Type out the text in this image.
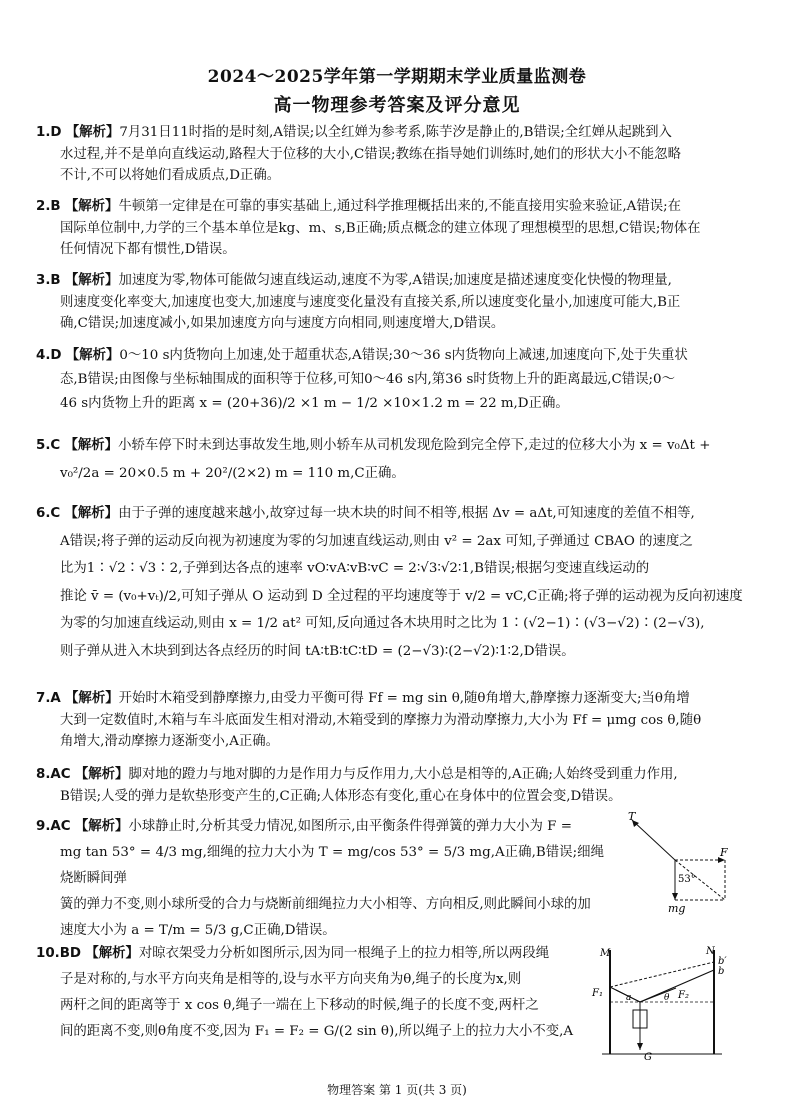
2024～2025学年第一学期期末学业质量监测卷
高一物理参考答案及评分意见

1.D 【解析】7月31日11时指的是时刻,A错误;以全红婵为参考系,陈芋汐是静止的,B错误;全红婵从起跳到入

水过程,并不是单向直线运动,路程大于位移的大小,C错误;教练在指导她们训练时,她们的形状大小不能忽略

不计,不可以将她们看成质点,D正确。

2.B 【解析】牛顿第一定律是在可靠的事实基础上,通过科学推理概括出来的,不能直接用实验来验证,A错误;在

国际单位制中,力学的三个基本单位是kg、m、s,B正确;质点概念的建立体现了理想模型的思想,C错误;物体在

任何情况下都有惯性,D错误。

3.B 【解析】加速度为零,物体可能做匀速直线运动,速度不为零,A错误;加速度是描述速度变化快慢的物理量,

则速度变化率变大,加速度也变大,加速度与速度变化量没有直接关系,所以速度变化量小,加速度可能大,B正

确,C错误;加速度减小,如果加速度方向与速度方向相同,则速度增大,D错误。

4.D 【解析】0～10 s内货物向上加速,处于超重状态,A错误;30～36 s内货物向上减速,加速度向下,处于失重状

态,B错误;由图像与坐标轴围成的面积等于位移,可知0～46 s内,第36 s时货物上升的距离最远,C错误;0～

46 s内货物上升的距离 x = (20+36)/2 ×1 m − 1/2 ×10×1.2 m = 22 m,D正确。

5.C 【解析】小轿车停下时未到达事故发生地,则小轿车从司机发现危险到完全停下,走过的位移大小为 x = v₀Δt +

v₀²/2a = 20×0.5 m + 20²/(2×2) m = 110 m,C正确。

6.C 【解析】由于子弹的速度越来越小,故穿过每一块木块的时间不相等,根据 Δv = aΔt,可知速度的差值不相等,

A错误;将子弹的运动反向视为初速度为零的匀加速直线运动,则由 v² = 2ax 可知,子弹通过 CBAO 的速度之

比为1∶√2∶√3∶2,子弹到达各点的速率 vO∶vA∶vB∶vC = 2∶√3∶√2∶1,B错误;根据匀变速直线运动的

推论 v̄ = (v₀+vₜ)/2,可知子弹从 O 运动到 D 全过程的平均速度等于 v/2 = vC,C正确;将子弹的运动视为反向初速度

为零的匀加速直线运动,则由 x = 1/2 at² 可知,反向通过各木块用时之比为 1∶(√2−1)∶(√3−√2)∶(2−√3),

则子弹从进入木块到到达各点经历的时间 tA∶tB∶tC∶tD = (2−√3)∶(2−√2)∶1∶2,D错误。

7.A 【解析】开始时木箱受到静摩擦力,由受力平衡可得 Ff = mg sin θ,随θ角增大,静摩擦力逐渐变大;当θ角增

大到一定数值时,木箱与车斗底面发生相对滑动,木箱受到的摩擦力为滑动摩擦力,大小为 Ff = μmg cos θ,随θ

角增大,滑动摩擦力逐渐变小,A正确。

8.AC 【解析】脚对地的蹬力与地对脚的力是作用力与反作用力,大小总是相等的,A正确;人始终受到重力作用,

B错误;人受的弹力是软垫形变产生的,C正确;人体形态有变化,重心在身体中的位置会变,D错误。

9.AC 【解析】小球静止时,分析其受力情况,如图所示,由平衡条件得弹簧的弹力大小为 F =

mg tan 53° = 4/3 mg,细绳的拉力大小为 T = mg/cos 53° = 5/3 mg,A正确,B错误;细绳烧断瞬间弹

簧的弹力不变,则小球所受的合力与烧断前细绳拉力大小相等、方向相反,则此瞬间小球的加

速度大小为 a = T/m = 5/3 g,C正确,D错误。

10.BD 【解析】对晾衣架受力分析如图所示,因为同一根绳子上的拉力相等,所以两段绳

子是对称的,与水平方向夹角是相等的,设与水平方向夹角为θ,绳子的长度为x,则

两杆之间的距离等于 x cos θ,绳子一端在上下移动的时候,绳子的长度不变,两杆之

间的距离不变,则θ角度不变,因为 F₁ = F₂ = G/(2 sin θ),所以绳子上的拉力大小不变,A

T
F
53°
mg
M	N
b′
b
F₁	F₂
a	θ
G
物理答案 第 1 页(共 3 页)
